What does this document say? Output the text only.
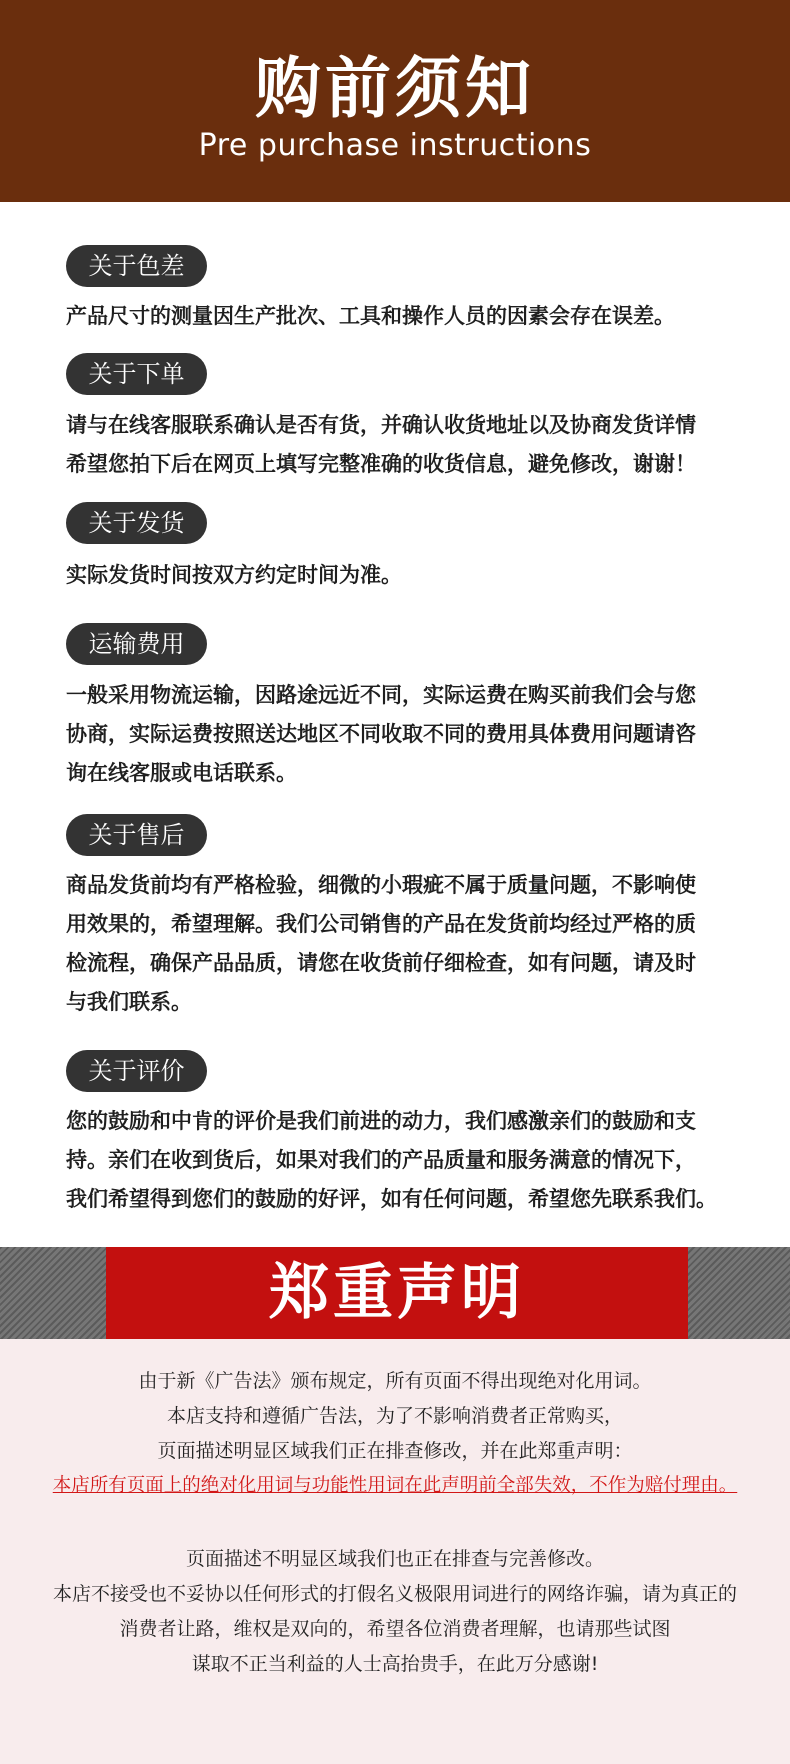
购前须知
Pre purchase instructions
关于色差
产品尺寸的测量因生产批次、工具和操作人员的因素会存在误差。
关于下单
请与在线客服联系确认是否有货，并确认收货地址以及协商发货详情
希望您拍下后在网页上填写完整准确的收货信息，避免修改，谢谢！
关于发货
实际发货时间按双方约定时间为准。
运输费用
一般采用物流运输，因路途远近不同，实际运费在购买前我们会与您
协商，实际运费按照送达地区不同收取不同的费用具体费用问题请咨
询在线客服或电话联系。
关于售后
商品发货前均有严格检验，细微的小瑕疵不属于质量问题，不影响使
用效果的，希望理解。我们公司销售的产品在发货前均经过严格的质
检流程，确保产品品质，请您在收货前仔细检查，如有问题，请及时
与我们联系。
关于评价
您的鼓励和中肯的评价是我们前进的动力，我们感激亲们的鼓励和支
持。亲们在收到货后，如果对我们的产品质量和服务满意的情况下，
我们希望得到您们的鼓励的好评，如有任何问题，希望您先联系我们。
郑重声明
由于新《广告法》颁布规定，所有页面不得出现绝对化用词。
本店支持和遵循广告法，为了不影响消费者正常购买，
页面描述明显区域我们正在排查修改，并在此郑重声明：
本店所有页面上的绝对化用词与功能性用词在此声明前全部失效，不作为赔付理由。
页面描述不明显区域我们也正在排查与完善修改。
本店不接受也不妥协以任何形式的打假名义极限用词进行的网络诈骗，请为真正的
消费者让路，维权是双向的，希望各位消费者理解，也请那些试图
谋取不正当利益的人士高抬贵手，在此万分感谢!
